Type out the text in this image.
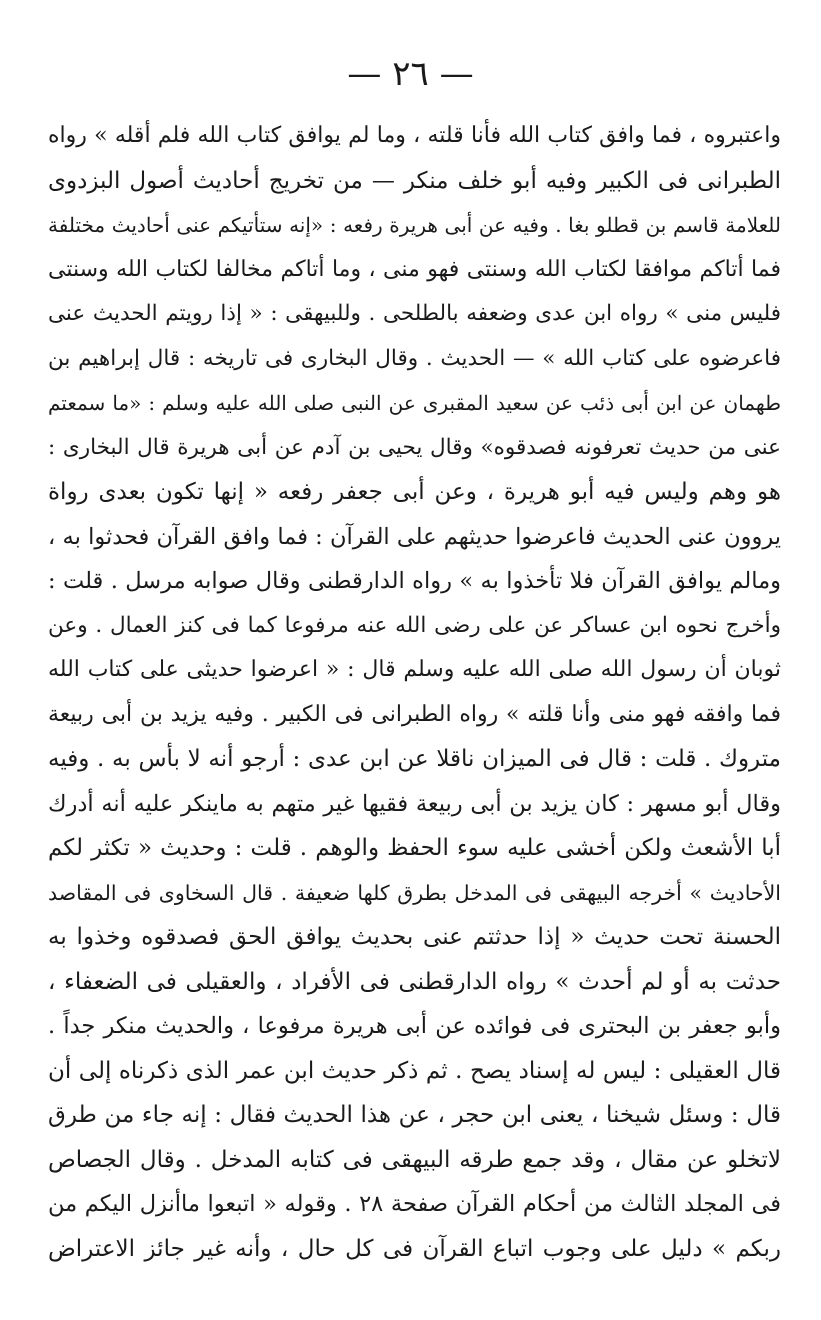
— ٢٦ —
واعتبروه ، فما وافق كتاب الله فأنا قلته ، وما لم يوافق كتاب الله فلم أقله » رواه
الطبرانى فى الكبير وفيه أبو خلف منكر — من تخريج أحاديث أصول البزدوى
للعلامة قاسم بن قطلو بغا . وفيه عن أبى هريرة رفعه : «إنه ستأتيكم عنى أحاديث مختلفة
فما أتاكم موافقا لكتاب الله وسنتى فهو منى ، وما أتاكم مخالفا لكتاب الله وسنتى
فليس منى » رواه ابن عدى وضعفه بالطلحى . وللبيهقى : « إذا رويتم الحديث عنى
فاعرضوه على كتاب الله » — الحديث . وقال البخارى فى تاريخه : قال إبراهيم بن
طهمان عن ابن أبى ذئب عن سعيد المقبرى عن النبى صلى الله عليه وسلم : «ما سمعتم
عنى من حديث تعرفونه فصدقوه» وقال يحيى بن آدم عن أبى هريرة قال البخارى :
هو وهم وليس فيه أبو هريرة ، وعن أبى جعفر رفعه « إنها تكون بعدى رواة
يروون عنى الحديث فاعرضوا حديثهم على القرآن : فما وافق القرآن فحدثوا به ،
ومالم يوافق القرآن فلا تأخذوا به » رواه الدارقطنى وقال صوابه مرسل . قلت :
وأخرج نحوه ابن عساكر عن على رضى الله عنه مرفوعا كما فى كنز العمال . وعن
ثوبان أن رسول الله صلى الله عليه وسلم قال : « اعرضوا حديثى على كتاب الله
فما وافقه فهو منى وأنا قلته » رواه الطبرانى فى الكبير . وفيه يزيد بن أبى ربيعة
متروك . قلت : قال فى الميزان ناقلا عن ابن عدى : أرجو أنه لا بأس به . وفيه
وقال أبو مسهر : كان يزيد بن أبى ربيعة فقيها غير متهم به ماينكر عليه أنه أدرك
أبا الأشعث ولكن أخشى عليه سوء الحفظ والوهم . قلت : وحديث « تكثر لكم
الأحاديث » أخرجه البيهقى فى المدخل بطرق كلها ضعيفة . قال السخاوى فى المقاصد
الحسنة تحت حديث « إذا حدثتم عنى بحديث يوافق الحق فصدقوه وخذوا به
حدثت به أو لم أحدث » رواه الدارقطنى فى الأفراد ، والعقيلى فى الضعفاء ،
وأبو جعفر بن البحترى فى فوائده عن أبى هريرة مرفوعا ، والحديث منكر جداً .
قال العقيلى : ليس له إسناد يصح . ثم ذكر حديث ابن عمر الذى ذكرناه إلى أن
قال : وسئل شيخنا ، يعنى ابن حجر ، عن هذا الحديث فقال : إنه جاء من طرق
لاتخلو عن مقال ، وقد جمع طرقه البيهقى فى كتابه المدخل . وقال الجصاص
فى المجلد الثالث من أحكام القرآن صفحة ٢٨ . وقوله « اتبعوا ماأنزل اليكم من
ربكم » دليل على وجوب اتباع القرآن فى كل حال ، وأنه غير جائز الاعتراض
